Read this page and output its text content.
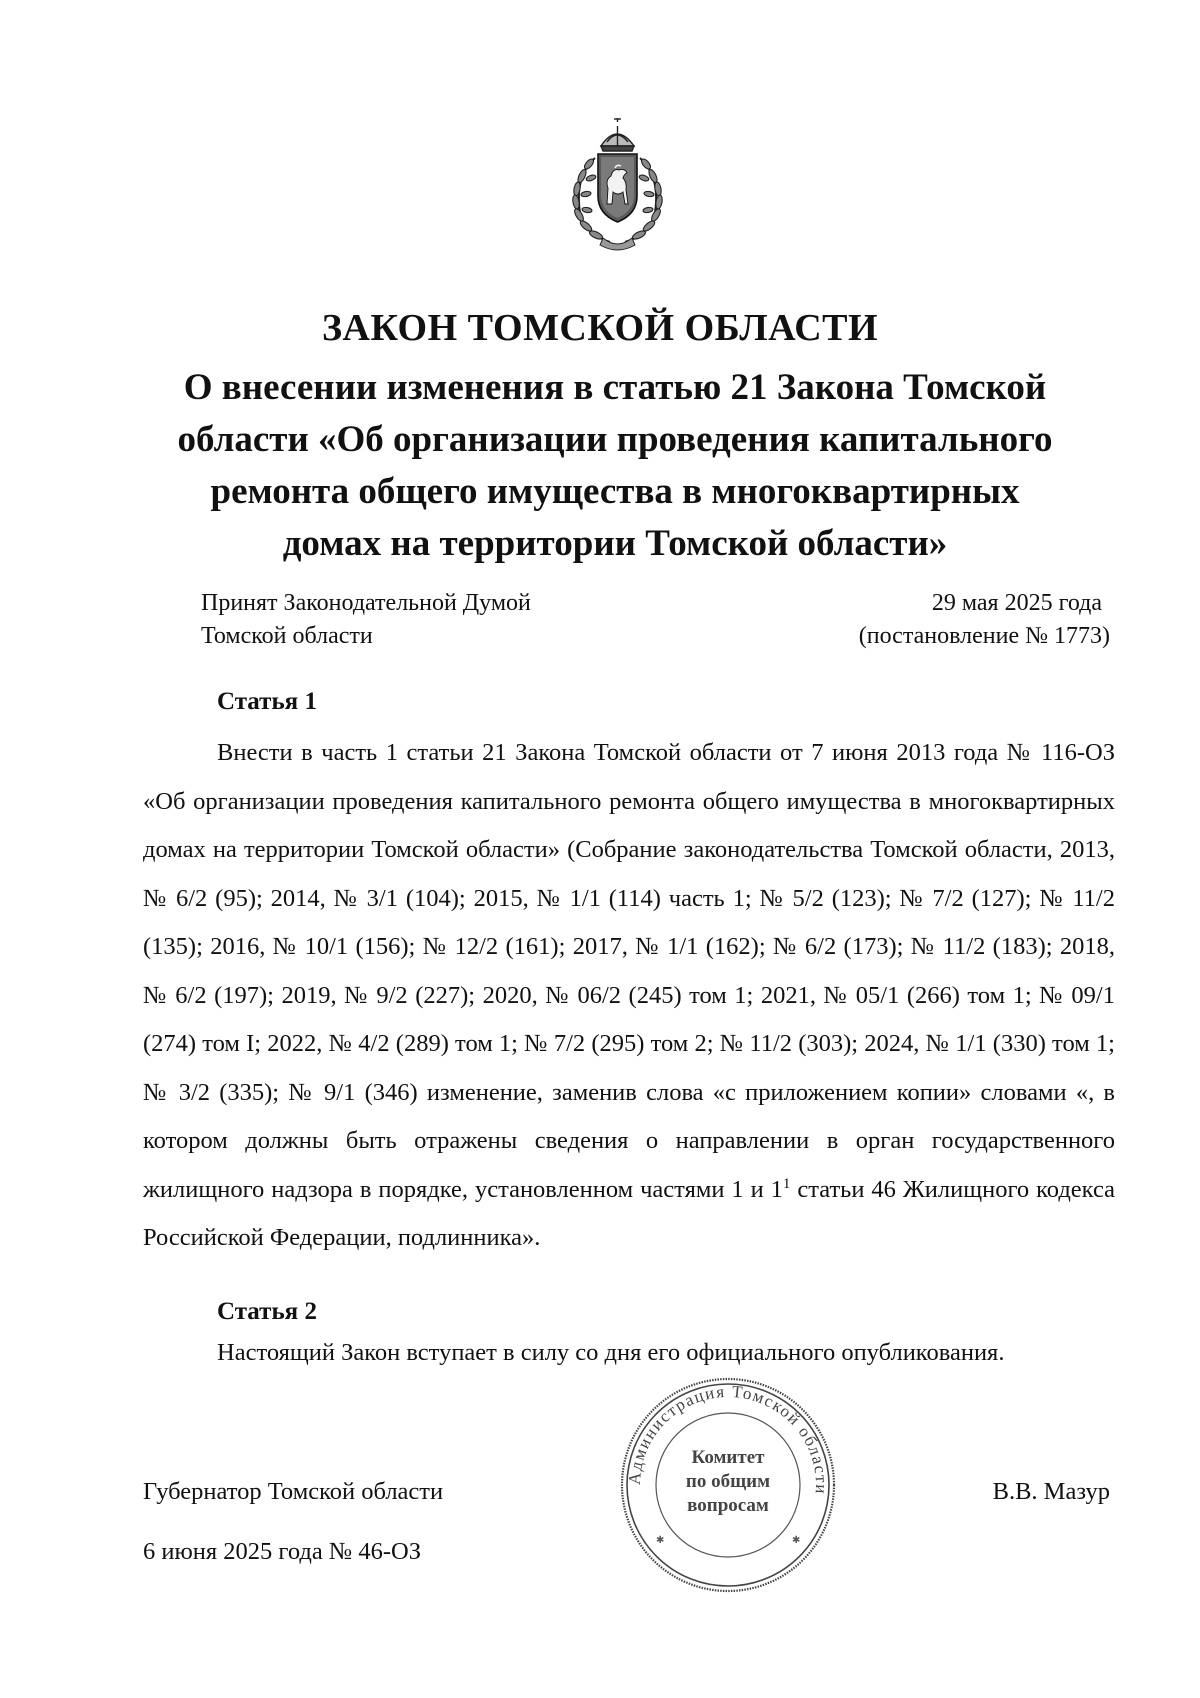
ЗАКОН ТОМСКОЙ ОБЛАСТИ
О внесении изменения в статью 21 Закона Томской области «Об организации проведения капитального ремонта общего имущества в многоквартирных домах на территории Томской области»
Принят Законодательной Думой
Томской области
29 мая 2025 года
(постановление № 1773)
Статья 1
Внести в часть 1 статьи 21 Закона Томской области от 7 июня 2013 года № 116-ОЗ «Об организации проведения капитального ремонта общего имущества в многоквартирных домах на территории Томской области» (Собрание законодательства Томской области, 2013, № 6/2 (95); 2014, № 3/1 (104); 2015, № 1/1 (114) часть 1; № 5/2 (123); № 7/2 (127); № 11/2 (135); 2016, № 10/1 (156); № 12/2 (161); 2017, № 1/1 (162); № 6/2 (173); № 11/2 (183); 2018, № 6/2 (197); 2019, № 9/2 (227); 2020, № 06/2 (245) том 1; 2021, № 05/1 (266) том 1; № 09/1 (274) том I; 2022, № 4/2 (289) том 1; № 7/2 (295) том 2; № 11/2 (303); 2024, № 1/1 (330) том 1; № 3/2 (335); № 9/1 (346) изменение, заменив слова «с приложением копии» словами «, в котором должны быть отражены сведения о направлении в орган государственного жилищного надзора в порядке, установленном частями 1 и $1^1$ статьи 46 Жилищного кодекса Российской Федерации, подлинника».
Статья 2
Настоящий Закон вступает в силу со дня его официального опубликования.
Губернатор Томской области
6 июня 2025 года № 46-ОЗ
В.В. Мазур
Администрация Томской области
Комитет
по общим
вопросам
✱	✱
